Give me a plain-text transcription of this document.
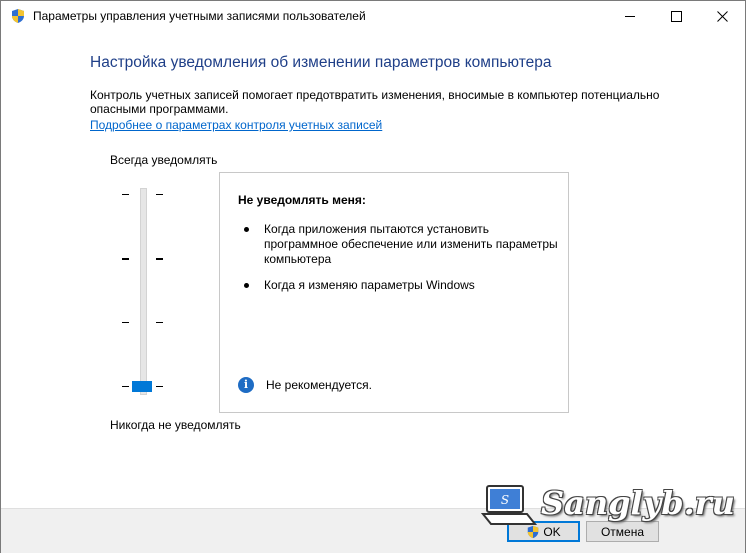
Параметры управления учетными записями пользователей
Настройка уведомления об изменении параметров компьютера
Контроль учетных записей помогает предотвратить изменения, вносимые в компьютер потенциально опасными программами.
Подробнее о параметрах контроля учетных записей
Всегда уведомлять
Никогда не уведомлять
Не уведомлять меня:
Когда приложения пытаются установить программное обеспечение или изменить параметры компьютера
Когда я изменяю параметры Windows
i	Не рекомендуется.
OK	Отмена
S Sanglyb.ru
